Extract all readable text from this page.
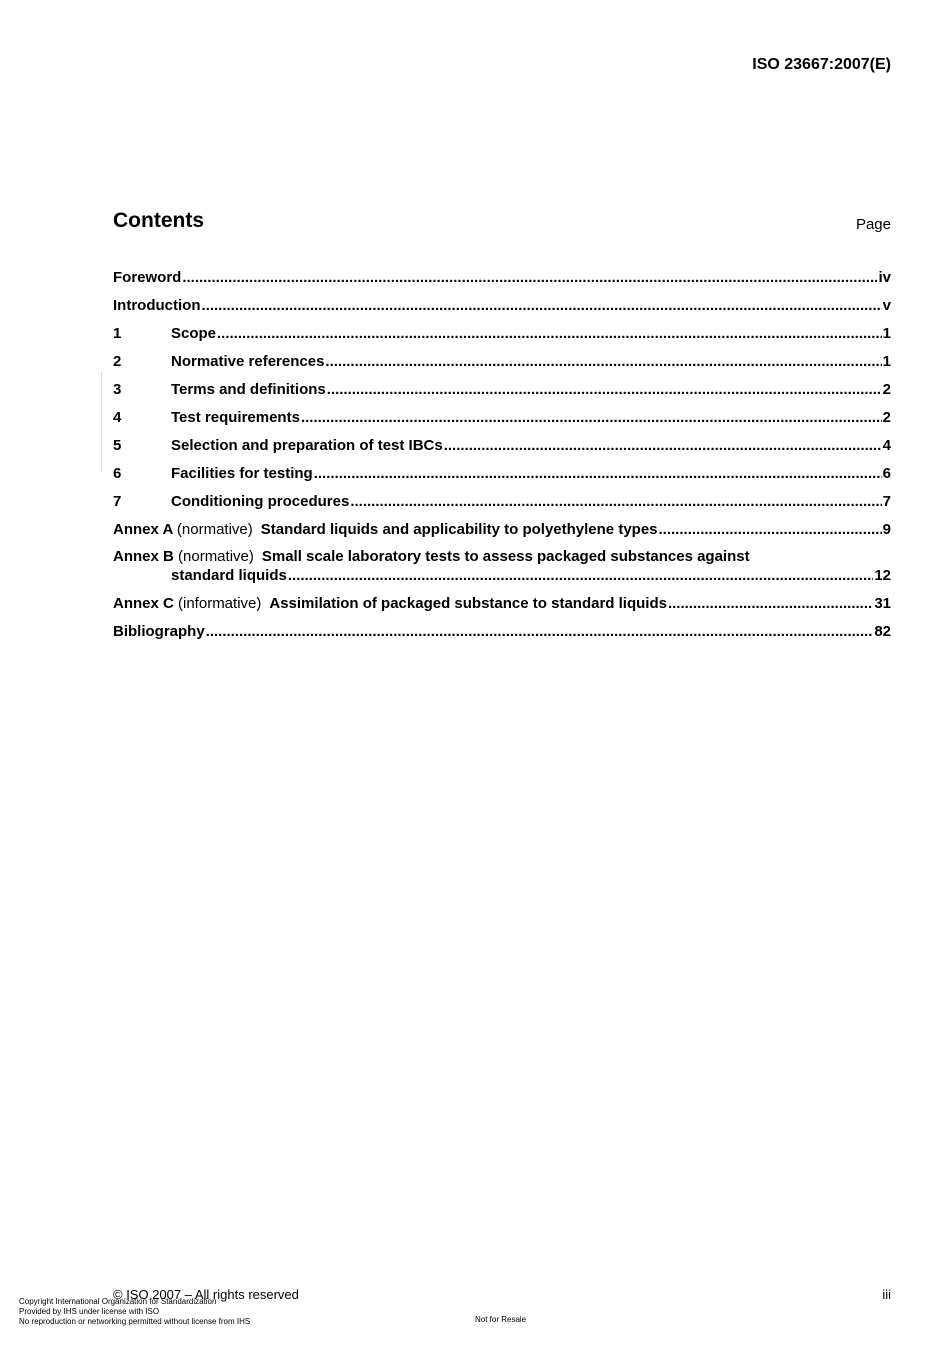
ISO 23667:2007(E)
Contents	Page
Foreword .....	iv
Introduction .....	v
1	Scope .....	1
2	Normative references .....	1
3	Terms and definitions .....	2
4	Test requirements .....	2
5	Selection and preparation of test IBCs .....	4
6	Facilities for testing .....	6
7	Conditioning procedures .....	7
Annex A (normative) Standard liquids and applicability to polyethylene types .....	9
Annex B (normative) Small scale laboratory tests to assess packaged substances against
standard liquids .....	12
Annex C (informative) Assimilation of packaged substance to standard liquids .....	31
Bibliography .....	82
© ISO 2007 – All rights reserved	iii
Copyright International Organization for Standardization
Provided by IHS under license with ISO
No reproduction or networking permitted without license from IHS	Not for Resale
